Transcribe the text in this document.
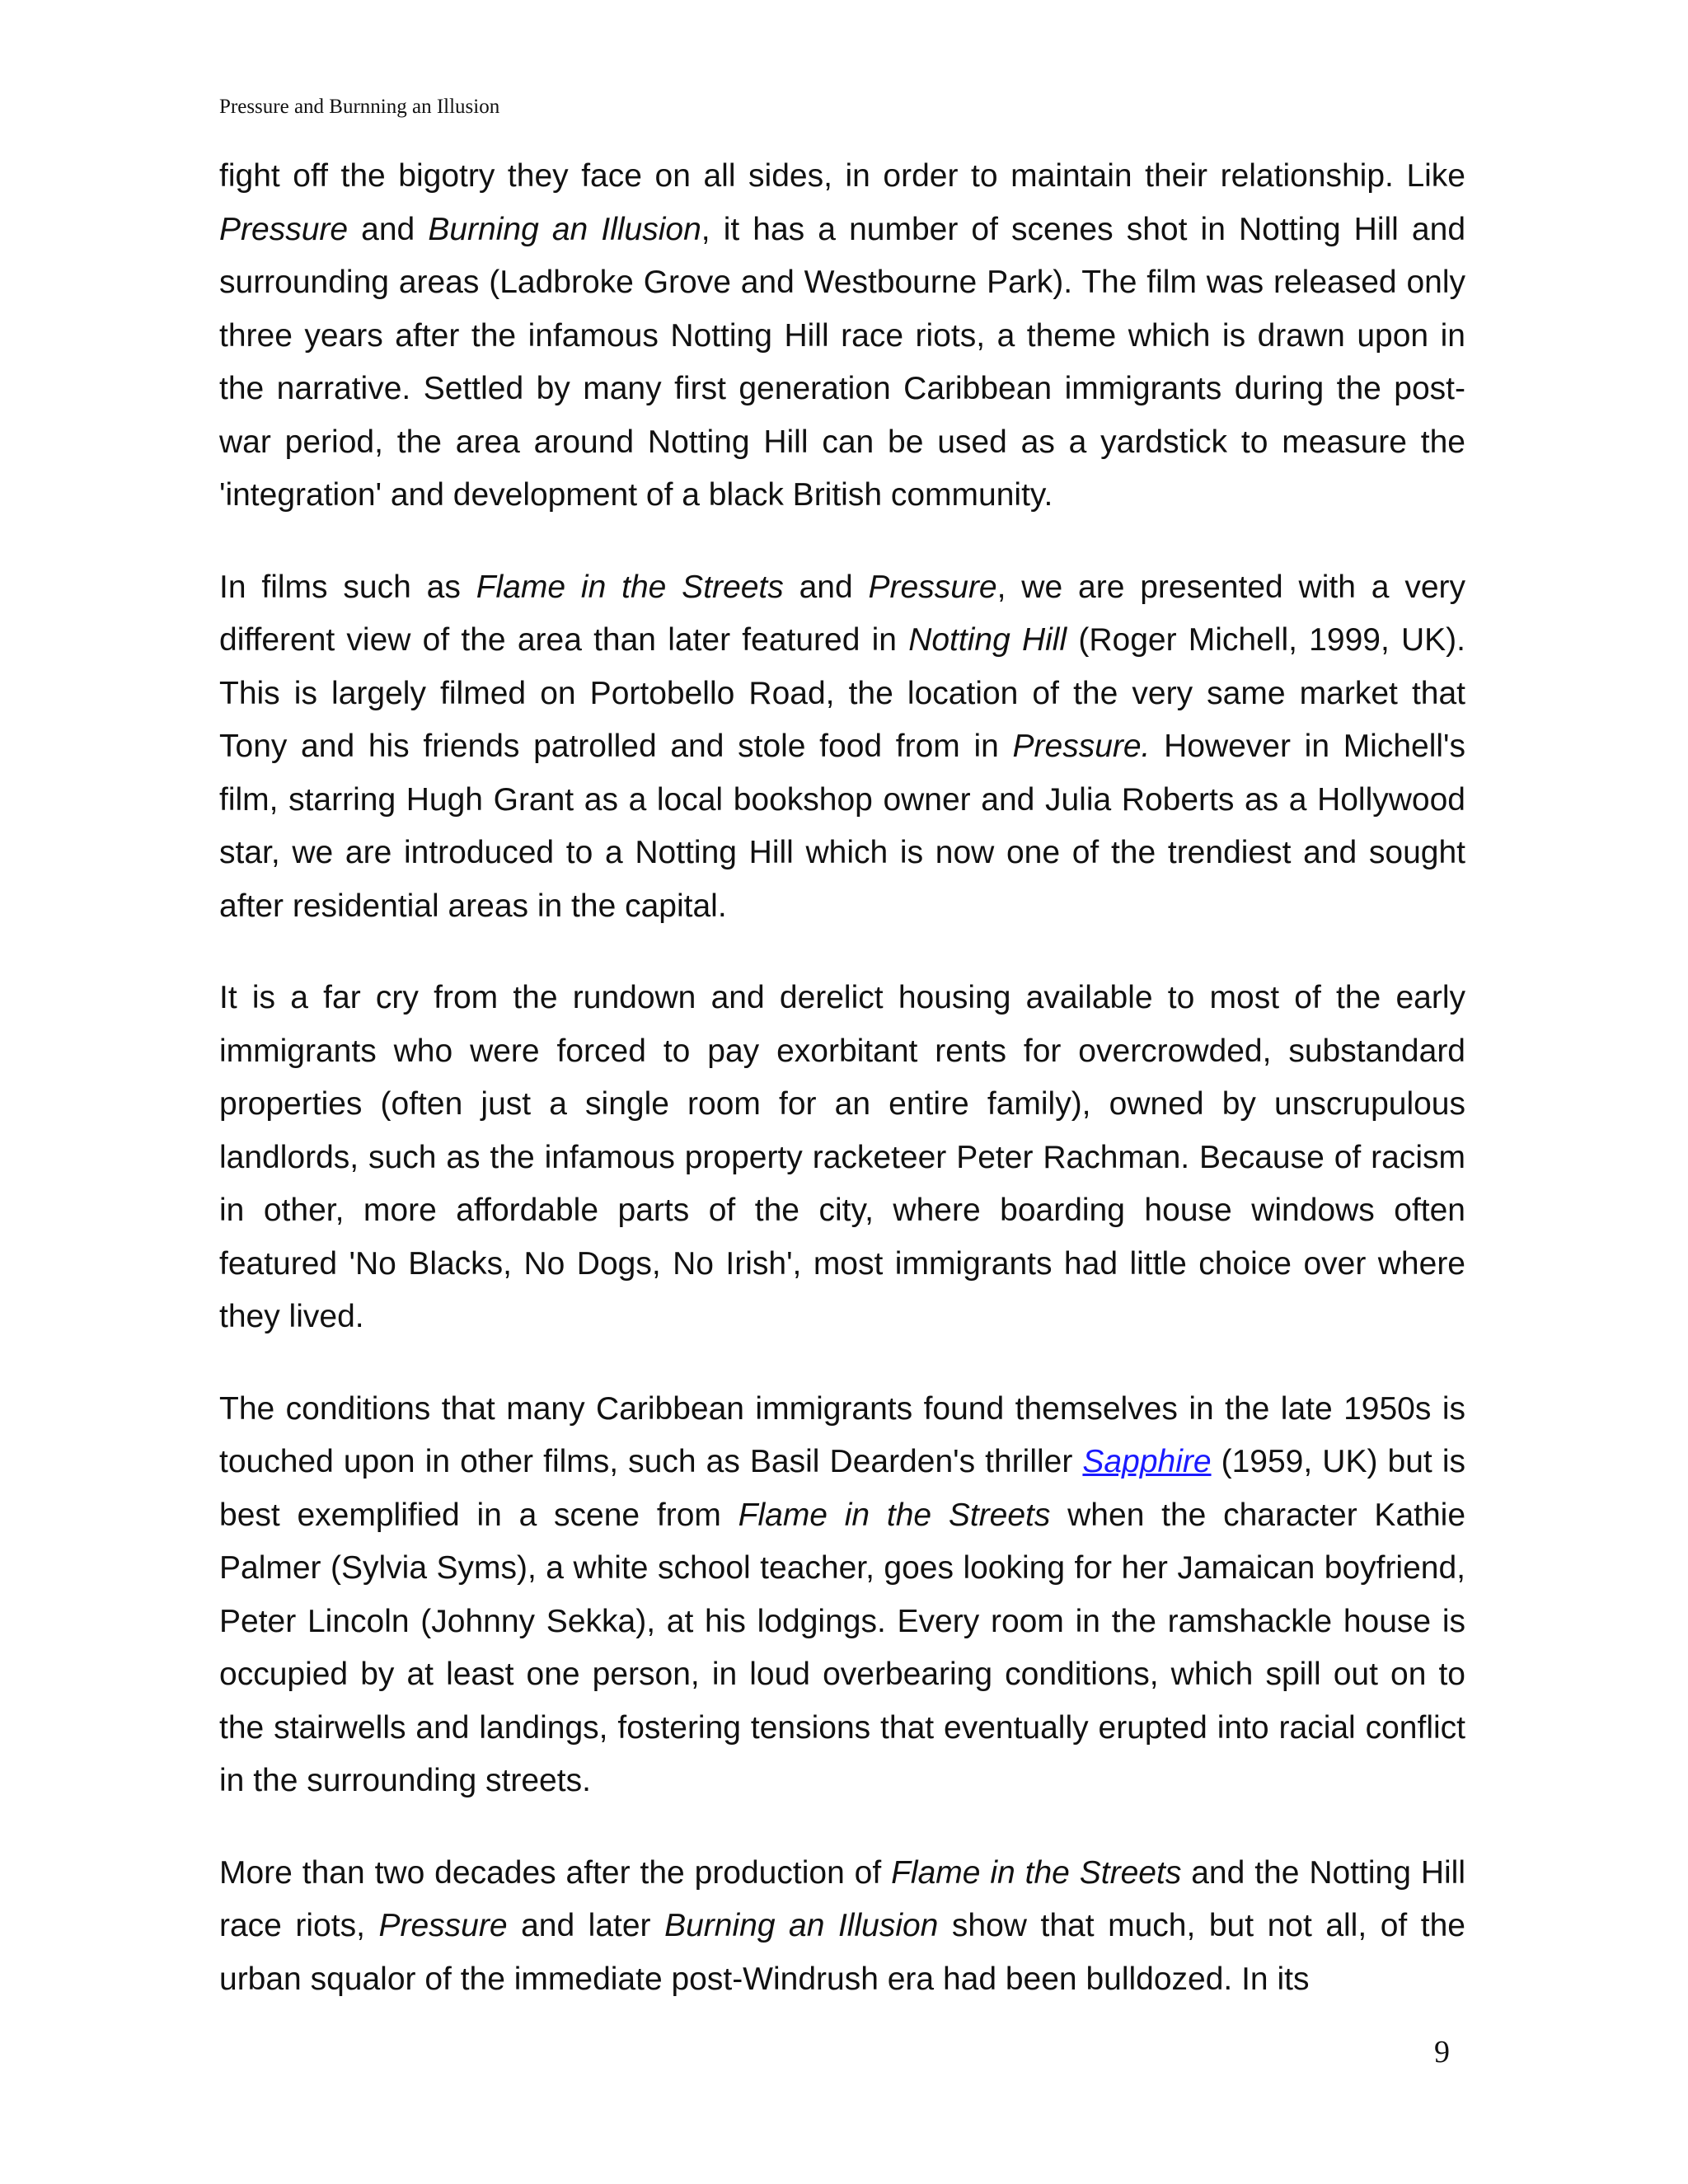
Pressure and Burnning an Illusion

fight off the bigotry they face on all sides, in order to maintain their relationship. Like Pressure and Burning an Illusion, it has a number of scenes shot in Notting Hill and surrounding areas (Ladbroke Grove and Westbourne Park). The film was released only three years after the infamous Notting Hill race riots, a theme which is drawn upon in the narrative. Settled by many first generation Caribbean immigrants during the post-war period, the area around Notting Hill can be used as a yardstick to measure the 'integration' and development of a black British community.

In films such as Flame in the Streets and Pressure, we are presented with a very different view of the area than later featured in Notting Hill (Roger Michell, 1999, UK). This is largely filmed on Portobello Road, the location of the very same market that Tony and his friends patrolled and stole food from in Pressure. However in Michell's film, starring Hugh Grant as a local bookshop owner and Julia Roberts as a Hollywood star, we are introduced to a Notting Hill which is now one of the trendiest and sought after residential areas in the capital.

It is a far cry from the rundown and derelict housing available to most of the early immigrants who were forced to pay exorbitant rents for overcrowded, substandard properties (often just a single room for an entire family), owned by unscrupulous landlords, such as the infamous property racketeer Peter Rachman. Because of racism in other, more affordable parts of the city, where boarding house windows often featured 'No Blacks, No Dogs, No Irish', most immigrants had little choice over where they lived.

The conditions that many Caribbean immigrants found themselves in the late 1950s is touched upon in other films, such as Basil Dearden's thriller Sapphire (1959, UK) but is best exemplified in a scene from Flame in the Streets when the character Kathie Palmer (Sylvia Syms), a white school teacher, goes looking for her Jamaican boyfriend, Peter Lincoln (Johnny Sekka), at his lodgings. Every room in the ramshackle house is occupied by at least one person, in loud overbearing conditions, which spill out on to the stairwells and landings, fostering tensions that eventually erupted into racial conflict in the surrounding streets.

More than two decades after the production of Flame in the Streets and the Notting Hill race riots, Pressure and later Burning an Illusion show that much, but not all, of the urban squalor of the immediate post-Windrush era had been bulldozed. In its

9
